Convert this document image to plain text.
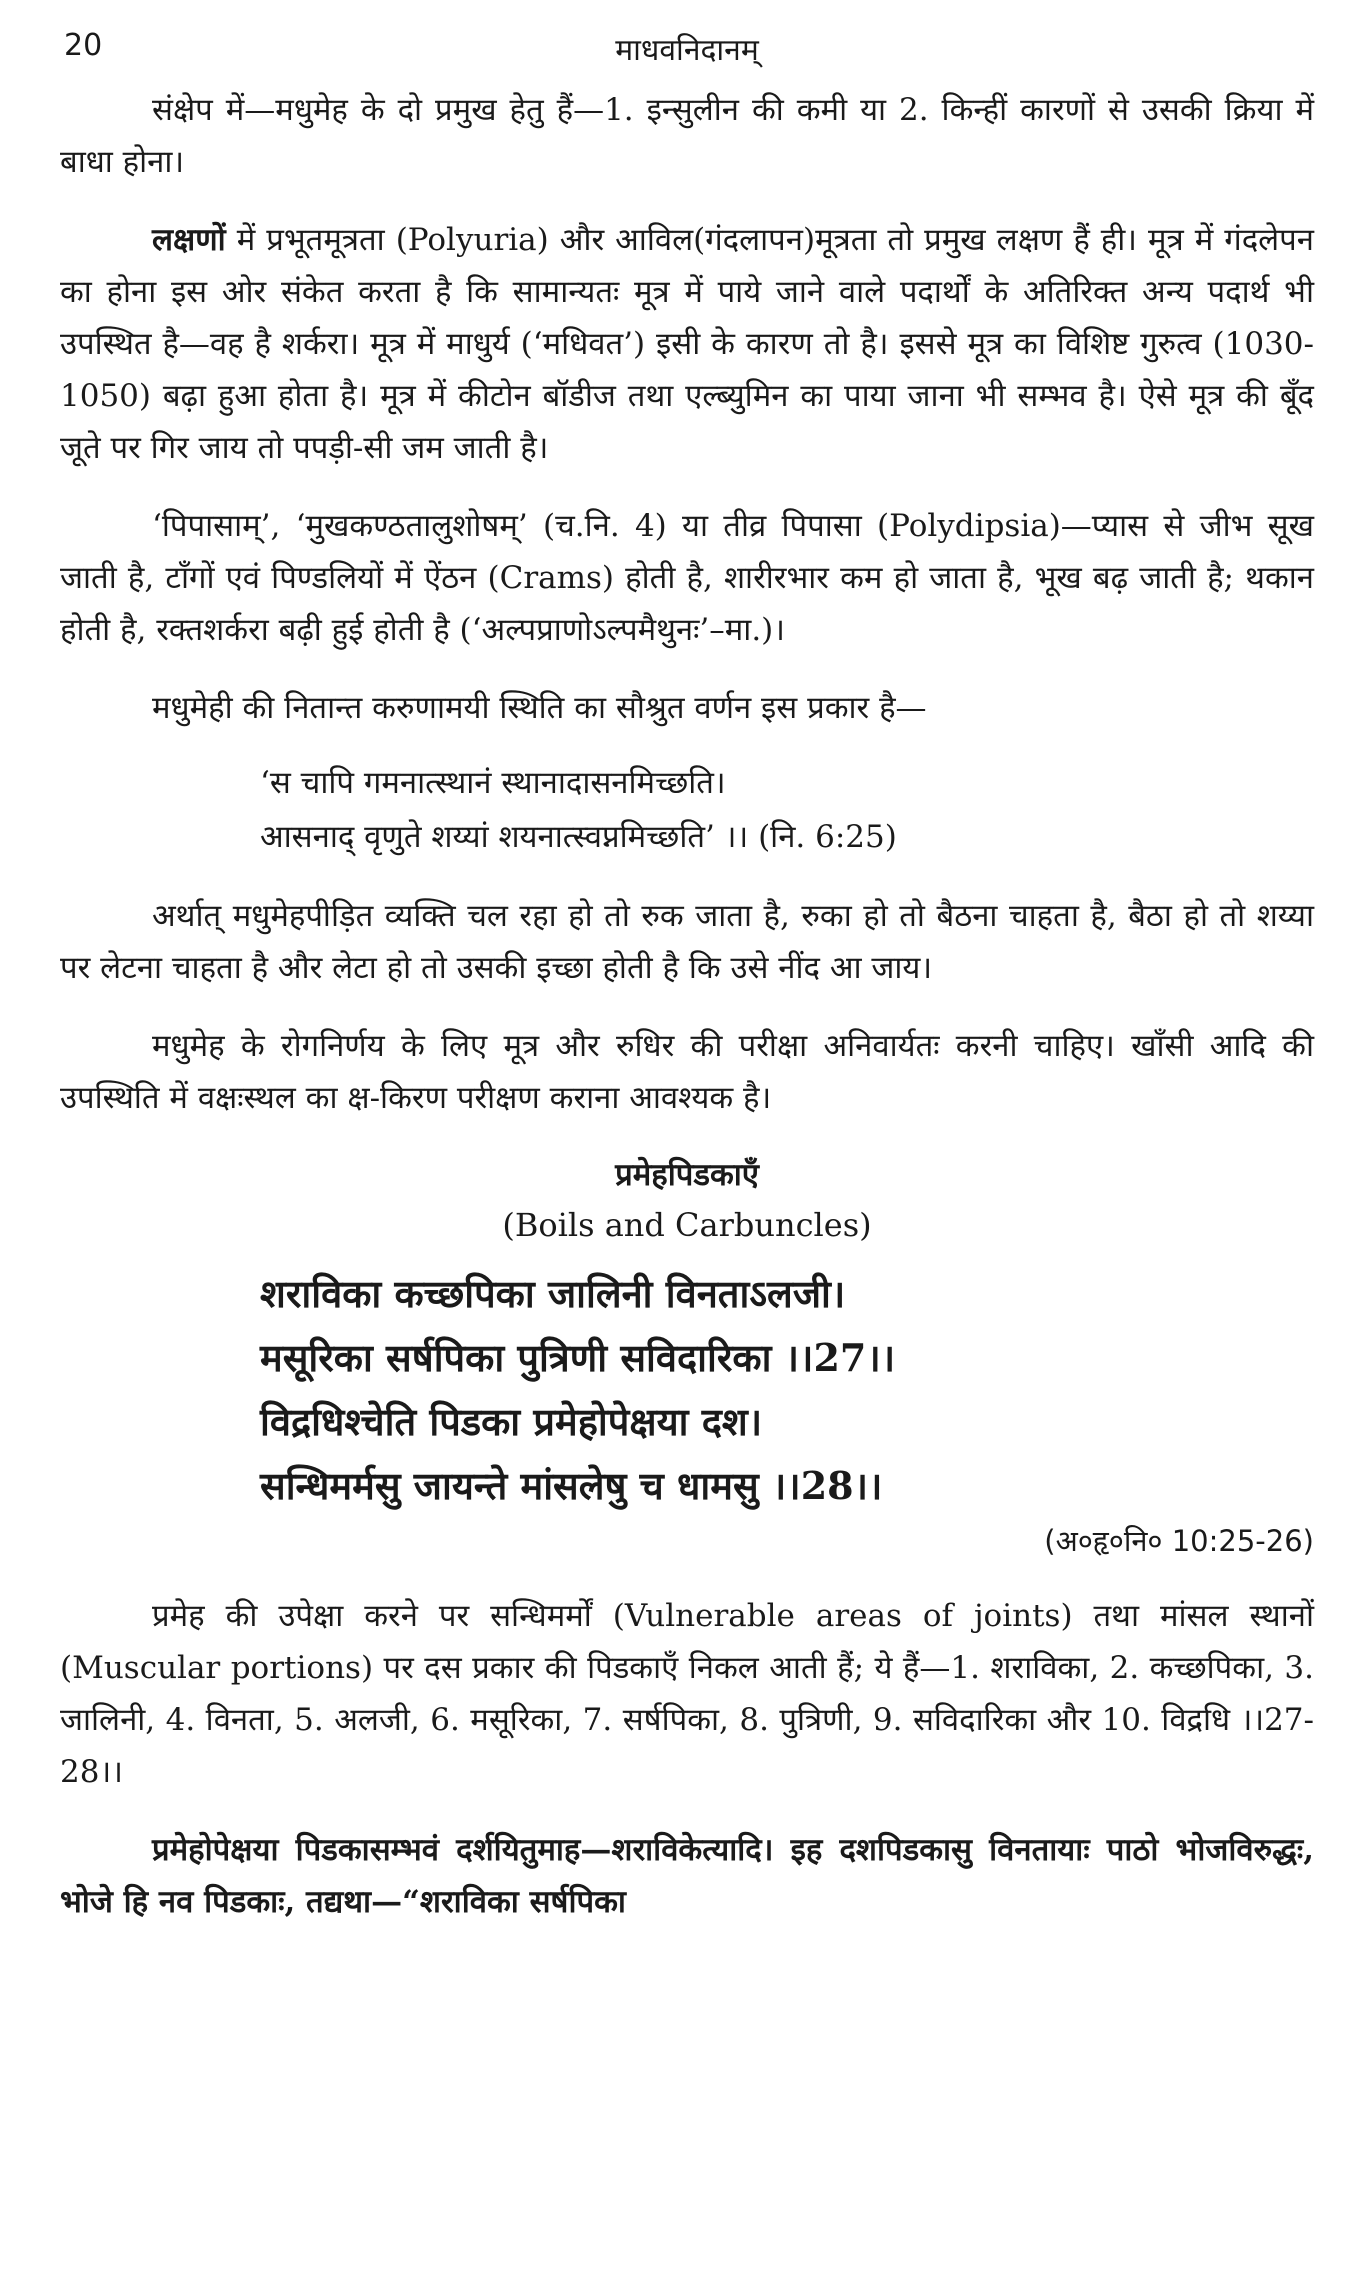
20	माधवनिदानम्

संक्षेप में—मधुमेह के दो प्रमुख हेतु हैं—1. इन्सुलीन की कमी या 2. किन्हीं कारणों से उसकी क्रिया में बाधा होना।

लक्षणों में प्रभूतमूत्रता (Polyuria) और आविल(गंदलापन)मूत्रता तो प्रमुख लक्षण हैं ही। मूत्र में गंदलेपन का होना इस ओर संकेत करता है कि सामान्यतः मूत्र में पाये जाने वाले पदार्थों के अतिरिक्त अन्य पदार्थ भी उपस्थित है—वह है शर्करा। मूत्र में माधुर्य (‘मधिवत’) इसी के कारण तो है। इससे मूत्र का विशिष्ट गुरुत्व (1030-1050) बढ़ा हुआ होता है। मूत्र में कीटोन बॉडीज तथा एल्ब्युमिन का पाया जाना भी सम्भव है। ऐसे मूत्र की बूँद जूते पर गिर जाय तो पपड़ी-सी जम जाती है।

‘पिपासाम्’, ‘मुखकण्ठतालुशोषम्’ (च.नि. 4) या तीव्र पिपासा (Polydipsia)—प्यास से जीभ सूख जाती है, टाँगों एवं पिण्डलियों में ऐंठन (Crams) होती है, शारीरभार कम हो जाता है, भूख बढ़ जाती है; थकान होती है, रक्तशर्करा बढ़ी हुई होती है (‘अल्पप्राणोऽल्पमैथुनः’–मा.)।

मधुमेही की नितान्त करुणामयी स्थिति का सौश्रुत वर्णन इस प्रकार है—

‘स चापि गमनात्स्थानं स्थानादासनमिच्छति।
आसनाद् वृणुते शय्यां शयनात्स्वप्नमिच्छति’ ।। (नि. 6:25)

अर्थात् मधुमेहपीड़ित व्यक्ति चल रहा हो तो रुक जाता है, रुका हो तो बैठना चाहता है, बैठा हो तो शय्या पर लेटना चाहता है और लेटा हो तो उसकी इच्छा होती है कि उसे नींद आ जाय।

मधुमेह के रोगनिर्णय के लिए मूत्र और रुधिर की परीक्षा अनिवार्यतः करनी चाहिए। खाँसी आदि की उपस्थिति में वक्षःस्थल का क्ष-किरण परीक्षण कराना आवश्यक है।

प्रमेहपिडकाएँ
(Boils and Carbuncles)
शराविका कच्छपिका जालिनी विनताऽलजी।
मसूरिका सर्षपिका पुत्रिणी सविदारिका ।।27।।
विद्रधिश्चेति पिडका प्रमेहोपेक्षया दश।
सन्धिमर्मसु जायन्ते मांसलेषु च धामसु ।।28।।
(अ०हृ०नि० 10:25-26)

प्रमेह की उपेक्षा करने पर सन्धिमर्मों (Vulnerable areas of joints) तथा मांसल स्थानों (Muscular portions) पर दस प्रकार की पिडकाएँ निकल आती हैं; ये हैं—1. शराविका, 2. कच्छपिका, 3. जालिनी, 4. विनता, 5. अलजी, 6. मसूरिका, 7. सर्षपिका, 8. पुत्रिणी, 9. सविदारिका और 10. विद्रधि ।।27-28।।

प्रमेहोपेक्षया पिडकासम्भवं दर्शयितुमाह—शराविकेत्यादि। इह दशपिडकासु विनतायाः पाठो भोजविरुद्धः, भोजे हि नव पिडकाः, तद्यथा—“शराविका सर्षपिका
